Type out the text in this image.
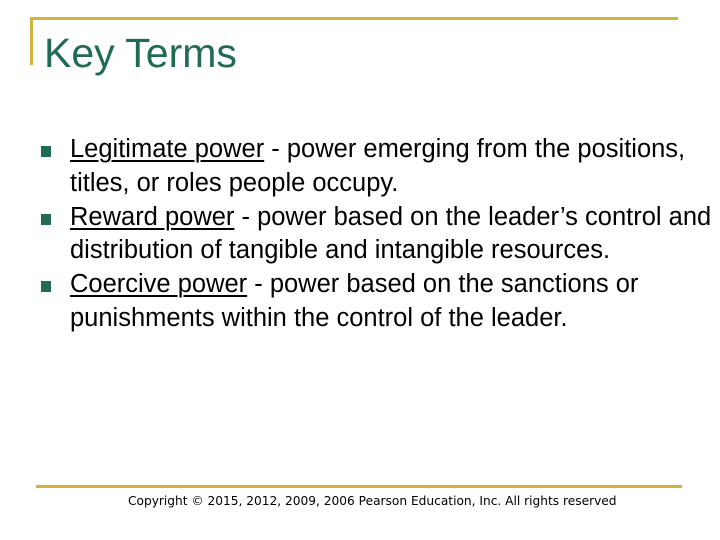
Key Terms
Legitimate power - power emerging from the positions, titles, or roles people occupy.
Reward power - power based on the leader’s control and distribution of tangible and intangible resources.
Coercive power - power based on the sanctions or punishments within the control of the leader.
Copyright © 2015, 2012, 2009, 2006 Pearson Education, Inc. All rights reserved
